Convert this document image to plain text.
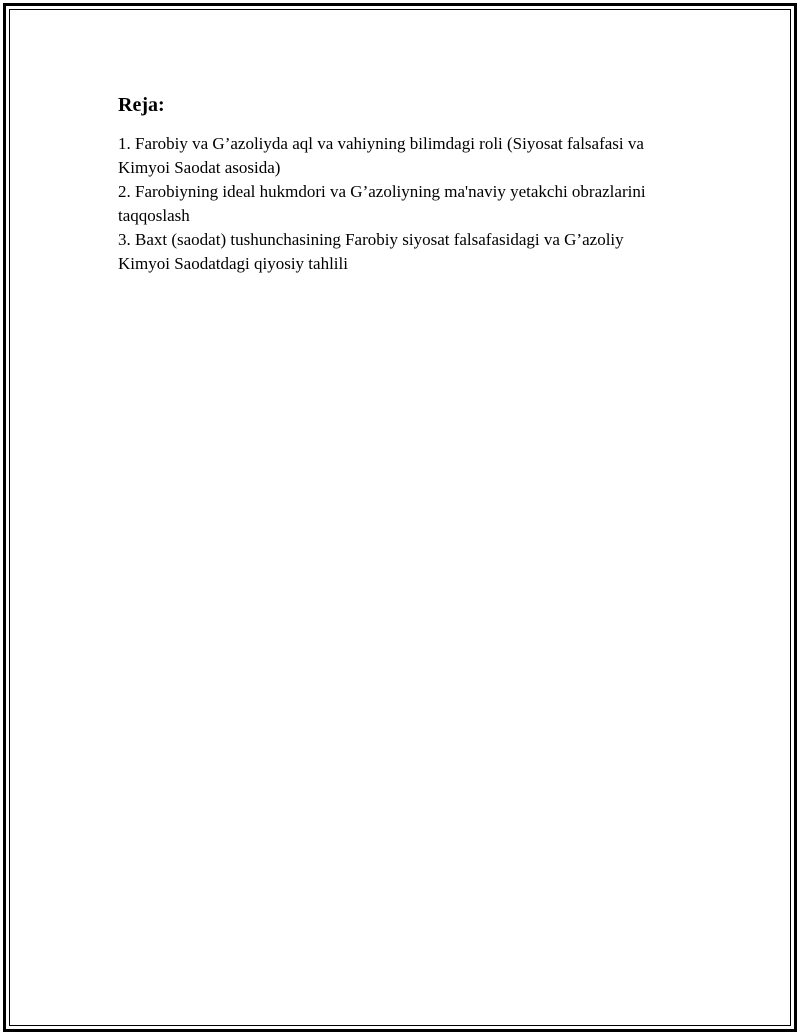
Reja:

1. Farobiy va G’azoliyda aql va vahiyning bilimdagi roli (Siyosat falsafasi va Kimyoi Saodat asosida)

2. Farobiyning ideal hukmdori va G’azoliyning ma'naviy yetakchi obrazlarini taqqoslash

3. Baxt (saodat) tushunchasining Farobiy siyosat falsafasidagi va G’azoliy Kimyoi Saodatdagi qiyosiy tahlili
